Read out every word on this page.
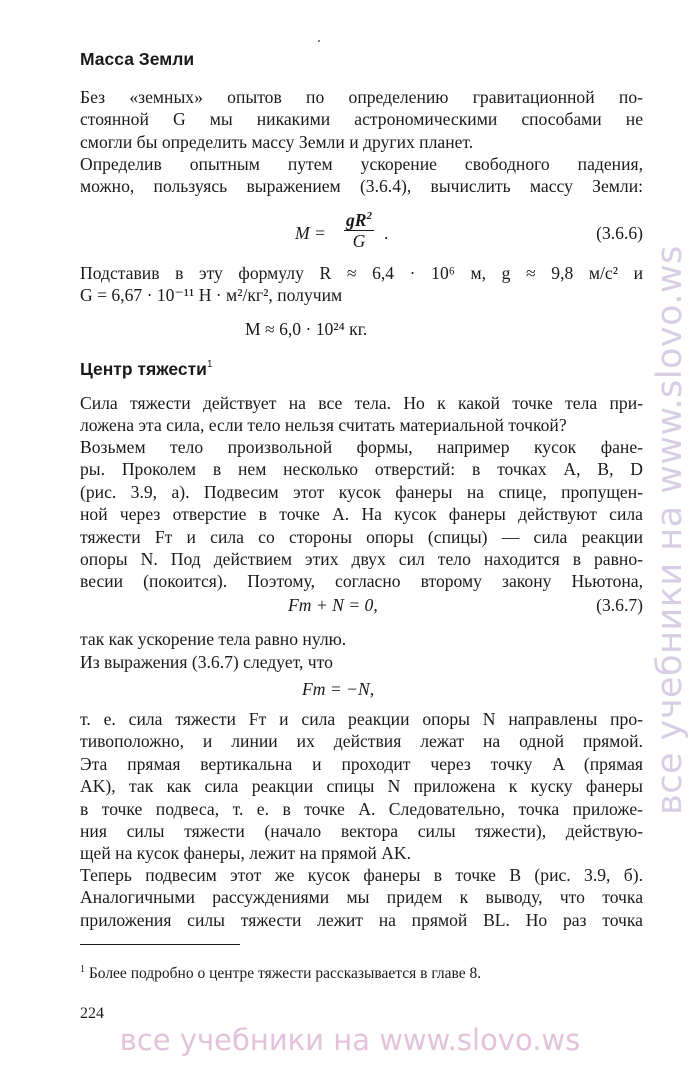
Масса Земли
Без «земных» опытов по определению гравитационной по-
стоянной G мы никакими астрономическими способами не
смогли бы определить массу Земли и других планет.
Определив опытным путем ускорение свободного падения,
можно, пользуясь выражением (3.6.4), вычислить массу Земли:
$M = \frac{gR^2}{G}$ .	(3.6.6)
Подставив в эту формулу R ≈ 6,4 · 10⁶ м, g ≈ 9,8 м/с² и
G = 6,67 · 10⁻¹¹ Н · м²/кг², получим
M ≈ 6,0 · 10²⁴ кг.
Центр тяжести$^1$
Сила тяжести действует на все тела. Но к какой точке тела при-
ложена эта сила, если тело нельзя считать материальной точкой?
Возьмем тело произвольной формы, например кусок фане-
ры. Проколем в нем несколько отверстий: в точках A, B, D
(рис. 3.9, а). Подвесим этот кусок фанеры на спице, пропущен-
ной через отверстие в точке A. На кусок фанеры действуют сила
тяжести Fт и сила со стороны опоры (спицы) — сила реакции
опоры N. Под действием этих двух сил тело находится в равно-
весии (покоится). Поэтому, согласно второму закону Ньютона,
Fт + N = 0,	(3.6.7)
так как ускорение тела равно нулю.
Из выражения (3.6.7) следует, что
Fт = −N,
т. е. сила тяжести Fт и сила реакции опоры N направлены про-
тивоположно, и линии их действия лежат на одной прямой.
Эта прямая вертикальна и проходит через точку A (прямая
AK), так как сила реакции спицы N приложена к куску фанеры
в точке подвеса, т. е. в точке A. Следовательно, точка приложе-
ния силы тяжести (начало вектора силы тяжести), действую-
щей на кусок фанеры, лежит на прямой AK.
Теперь подвесим этот же кусок фанеры в точке B (рис. 3.9, б).
Аналогичными рассуждениями мы придем к выводу, что точка
приложения силы тяжести лежит на прямой BL. Но раз точка
$^1$ Более подробно о центре тяжести рассказывается в главе 8.
224
все учебники на www.slovo.ws
все учебники на www.slovo.ws
